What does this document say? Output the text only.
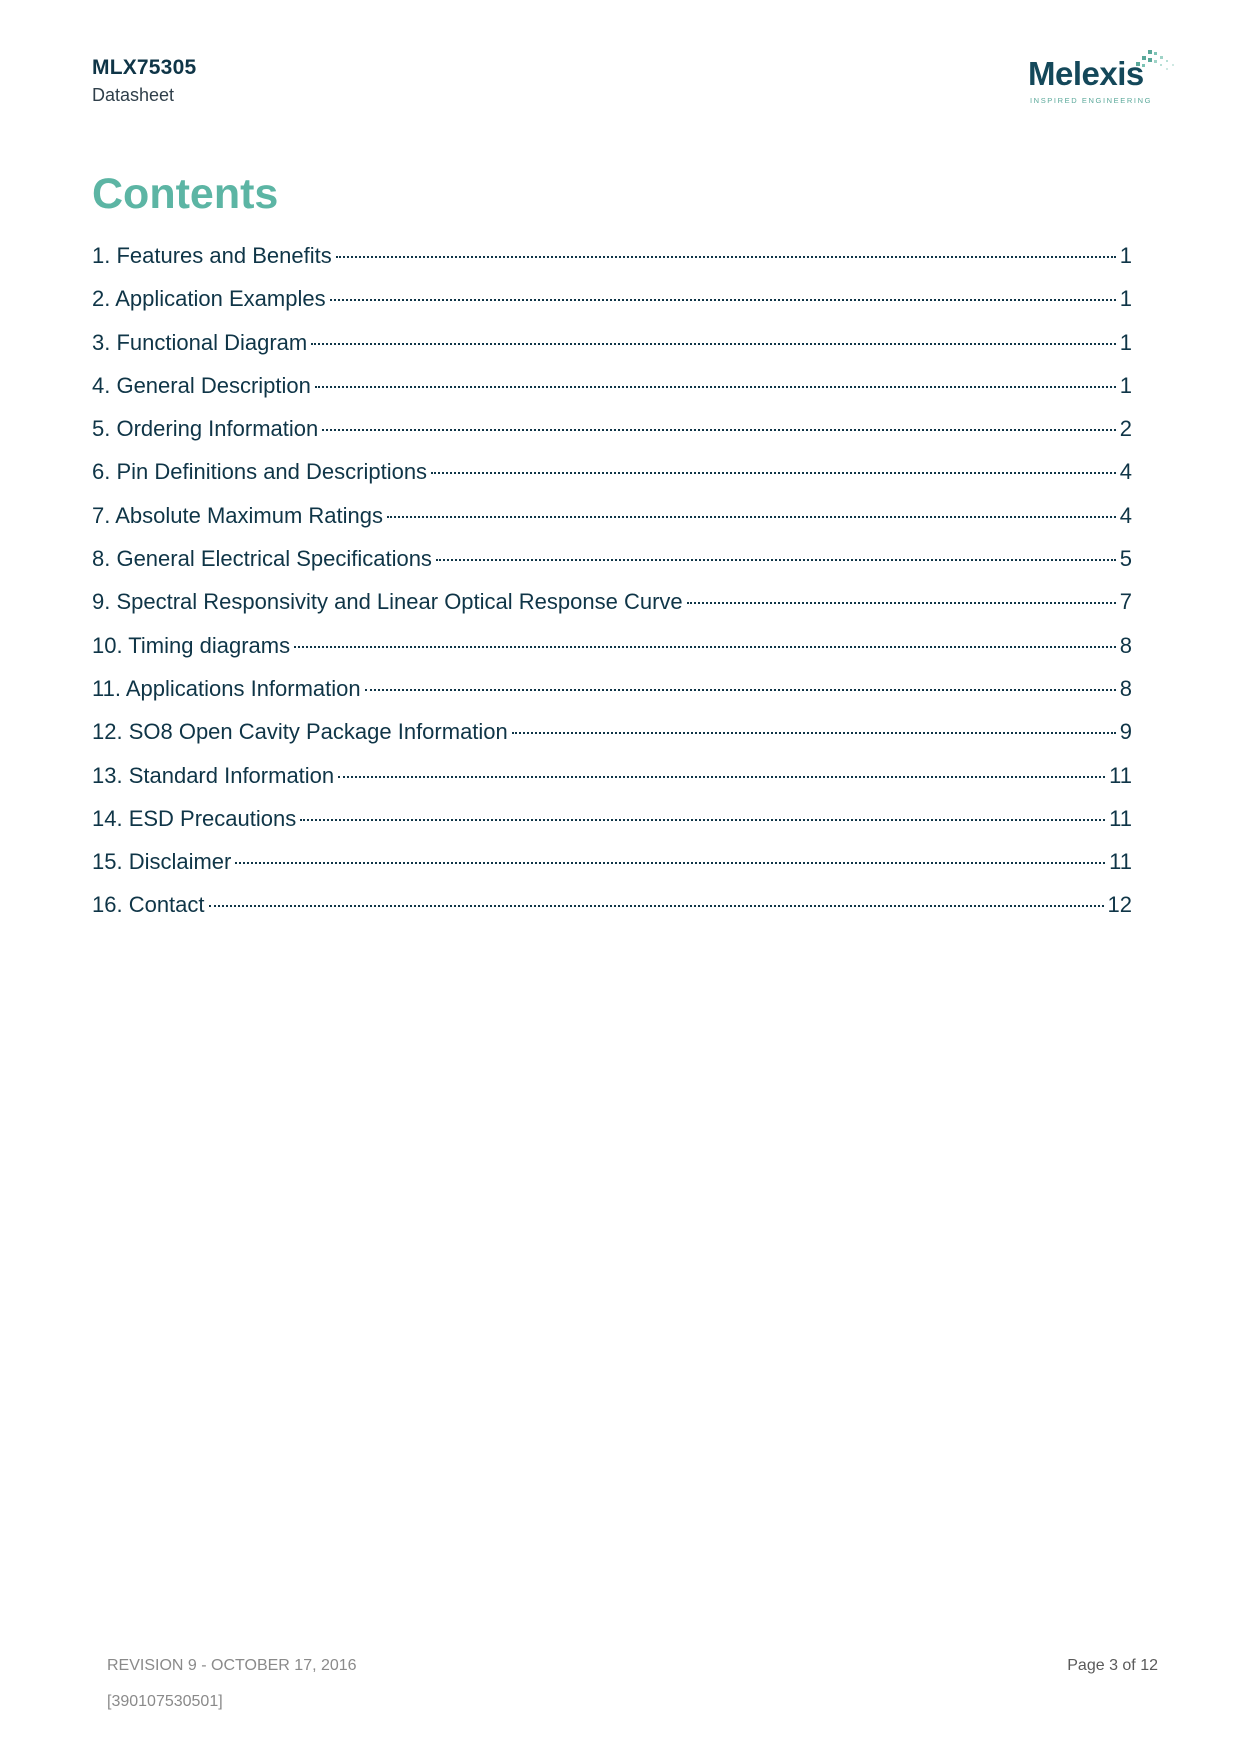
MLX75305
Datasheet
Melexis
INSPIRED ENGINEERING
Contents
1. Features and Benefits	1
2. Application Examples	1
3. Functional Diagram	1
4. General Description	1
5. Ordering Information	2
6. Pin Definitions and Descriptions	4
7. Absolute Maximum Ratings	4
8. General Electrical Specifications	5
9. Spectral Responsivity and Linear Optical Response Curve	7
10. Timing diagrams	8
11. Applications Information	8
12. SO8 Open Cavity Package Information	9
13. Standard Information	11
14. ESD Precautions	11
15. Disclaimer	11
16. Contact	12
REVISION 9 - OCTOBER 17, 2016
[390107530501]
Page 3 of 12
